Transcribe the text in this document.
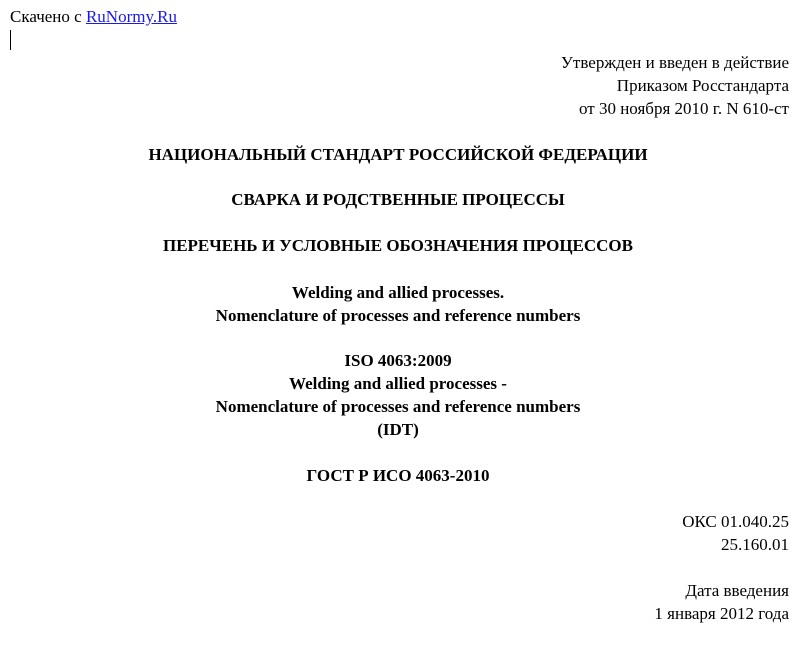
Скачено с RuNormy.Ru
Утвержден и введен в действие
Приказом Росстандарта
от 30 ноября 2010 г. N 610-ст
НАЦИОНАЛЬНЫЙ СТАНДАРТ РОССИЙСКОЙ ФЕДЕРАЦИИ
СВАРКА И РОДСТВЕННЫЕ ПРОЦЕССЫ
ПЕРЕЧЕНЬ И УСЛОВНЫЕ ОБОЗНАЧЕНИЯ ПРОЦЕССОВ
Welding and allied processes.
Nomenclature of processes and reference numbers
ISO 4063:2009
Welding and allied processes -
Nomenclature of processes and reference numbers
(IDT)
ГОСТ Р ИСО 4063-2010
ОКС 01.040.25
25.160.01
Дата введения
1 января 2012 года
